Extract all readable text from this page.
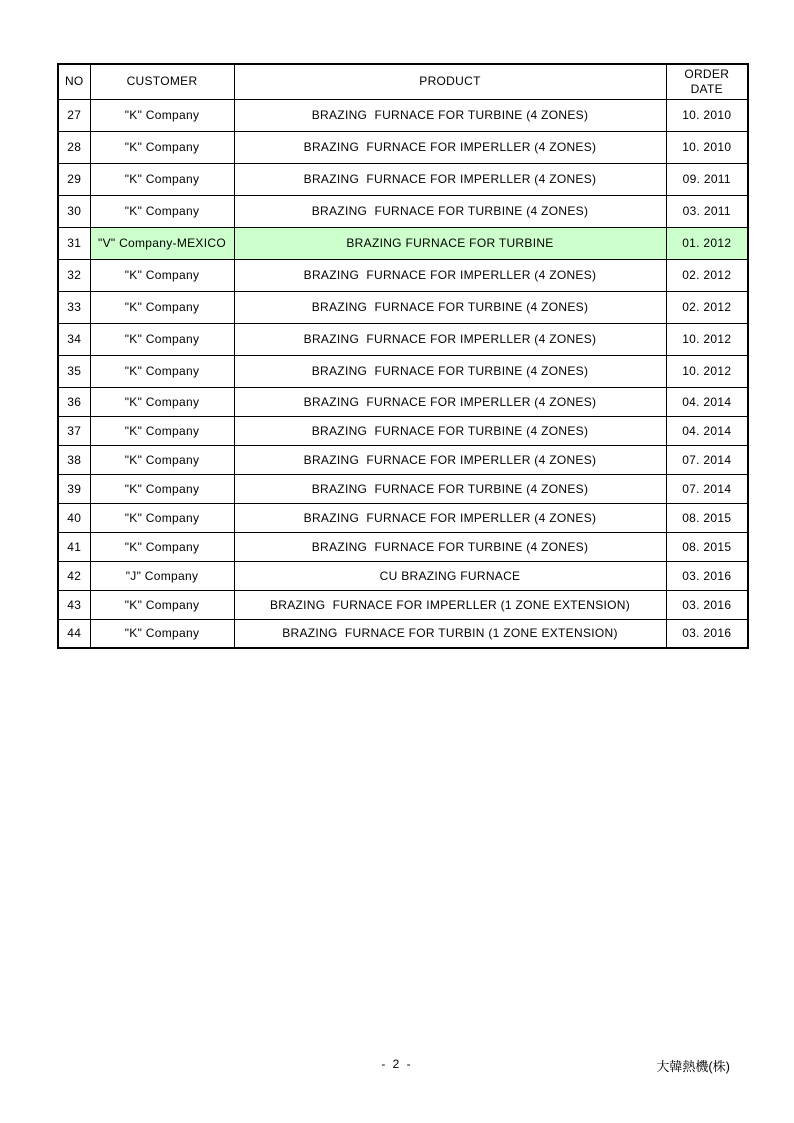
NO	CUSTOMER	PRODUCT	ORDER DATE
27	"K" Company	BRAZING  FURNACE FOR TURBINE (4 ZONES)	10. 2010
28	"K" Company	BRAZING  FURNACE FOR IMPERLLER (4 ZONES)	10. 2010
29	"K" Company	BRAZING  FURNACE FOR IMPERLLER (4 ZONES)	09. 2011
30	"K" Company	BRAZING  FURNACE FOR TURBINE (4 ZONES)	03. 2011
31	"V" Company-MEXICO	BRAZING FURNACE FOR TURBINE	01. 2012
32	"K" Company	BRAZING  FURNACE FOR IMPERLLER (4 ZONES)	02. 2012
33	"K" Company	BRAZING  FURNACE FOR TURBINE (4 ZONES)	02. 2012
34	"K" Company	BRAZING  FURNACE FOR IMPERLLER (4 ZONES)	10. 2012
35	"K" Company	BRAZING  FURNACE FOR TURBINE (4 ZONES)	10. 2012
36	"K" Company	BRAZING  FURNACE FOR IMPERLLER (4 ZONES)	04. 2014
37	"K" Company	BRAZING  FURNACE FOR TURBINE (4 ZONES)	04. 2014
38	"K" Company	BRAZING  FURNACE FOR IMPERLLER (4 ZONES)	07. 2014
39	"K" Company	BRAZING  FURNACE FOR TURBINE (4 ZONES)	07. 2014
40	"K" Company	BRAZING  FURNACE FOR IMPERLLER (4 ZONES)	08. 2015
41	"K" Company	BRAZING  FURNACE FOR TURBINE (4 ZONES)	08. 2015
42	"J" Company	CU BRAZING FURNACE	03. 2016
43	"K" Company	BRAZING  FURNACE FOR IMPERLLER (1 ZONE EXTENSION)	03. 2016
44	"K" Company	BRAZING  FURNACE FOR TURBIN (1 ZONE EXTENSION)	03. 2016
- 2 -	大韓熱機(株)
